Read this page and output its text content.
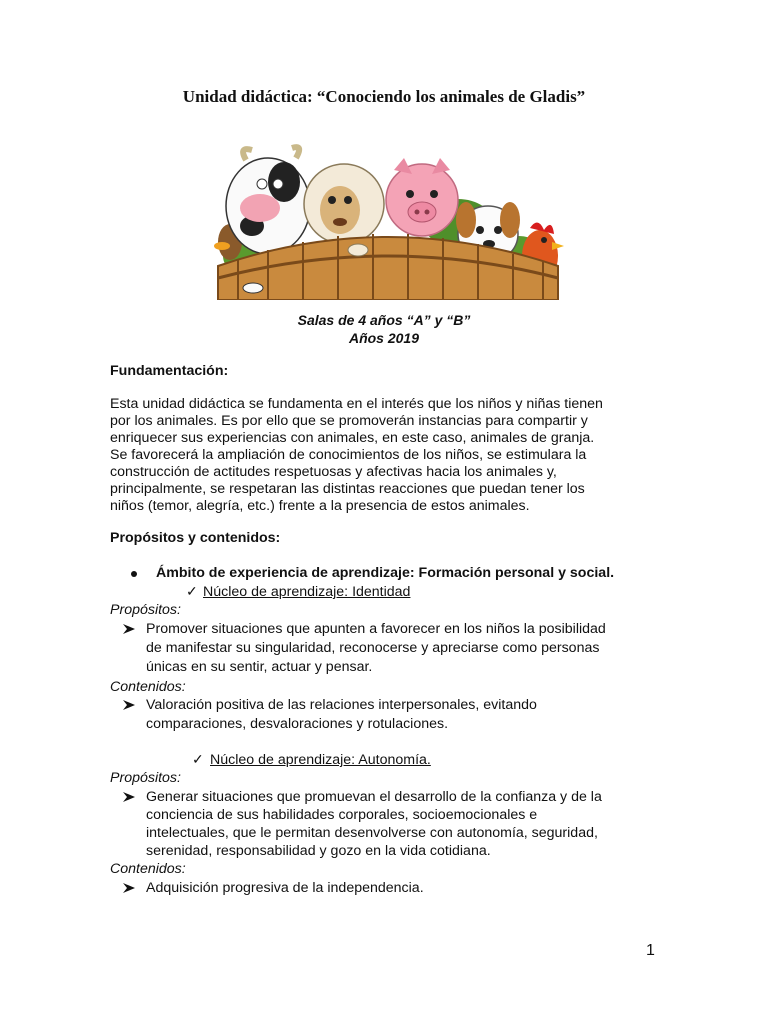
Unidad didáctica: “Conociendo los animales de Gladis”
Salas de 4 años “A” y “B”
Años 2019
Fundamentación:
Esta unidad didáctica se fundamenta en el interés que los niños y niñas tienen
por los animales. Es por ello que se promoverán instancias para compartir y
enriquecer sus experiencias con animales, en este caso, animales de granja.
Se favorecerá la ampliación de conocimientos de los niños, se estimulara la
construcción de actitudes respetuosas y afectivas hacia los animales y,
principalmente, se respetaran las distintas reacciones que puedan tener los
niños (temor, alegría, etc.) frente a la presencia de estos animales.
Propósitos y contenidos:
Ámbito de experiencia de aprendizaje: Formación personal y social.
✓ Núcleo de aprendizaje: Identidad
Propósitos:
Promover situaciones que apunten a favorecer en los niños la posibilidad
de manifestar su singularidad, reconocerse y apreciarse como personas
únicas en su sentir, actuar y pensar.
Contenidos:
Valoración positiva de las relaciones interpersonales, evitando
comparaciones, desvaloraciones y rotulaciones.
✓ Núcleo de aprendizaje: Autonomía.
Propósitos:
Generar situaciones que promuevan el desarrollo de la confianza y de la
conciencia de sus habilidades corporales, socioemocionales e
intelectuales, que le permitan desenvolverse con autonomía, seguridad,
serenidad, responsabilidad y gozo en la vida cotidiana.
Contenidos:
Adquisición progresiva de la independencia.
1
